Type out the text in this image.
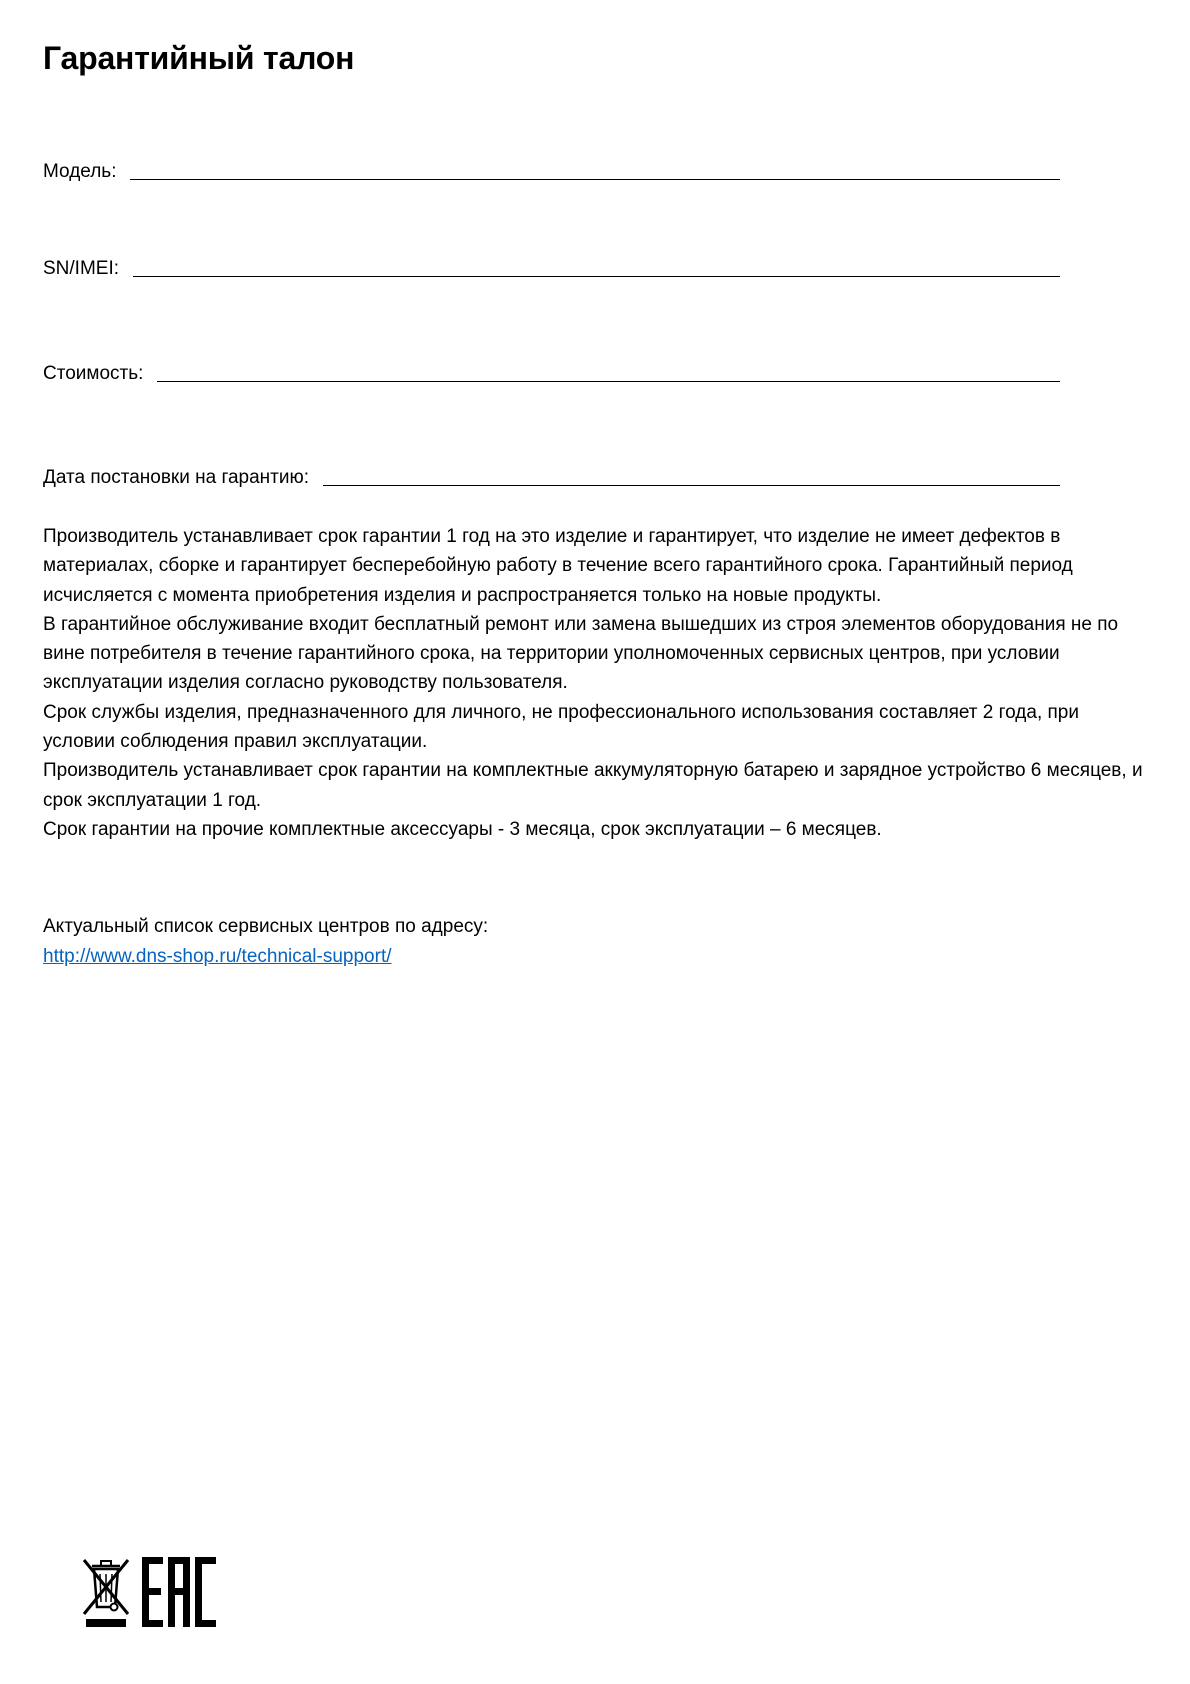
Гарантийный талон
Модель:
SN/IMEI:
Стоимость:
Дата постановки на гарантию:

Производитель устанавливает срок гарантии 1 год на это изделие и гарантирует, что изделие не имеет дефектов в материалах, сборке и гарантирует бесперебойную работу в течение всего гарантийного срока. Гарантийный период исчисляется с момента приобретения изделия и распространяется только на новые продукты.

В гарантийное обслуживание входит бесплатный ремонт или замена вышедших из строя элементов оборудования не по вине потребителя в течение гарантийного срока, на территории уполномоченных сервисных центров, при условии эксплуатации изделия согласно руководству пользователя.

Срок службы изделия, предназначенного для личного, не профессионального использования составляет 2 года, при условии соблюдения правил эксплуатации.

Производитель устанавливает срок гарантии на комплектные аккумуляторную батарею и зарядное устройство 6 месяцев, и срок эксплуатации 1 год.

Срок гарантии на прочие комплектные аксессуары - 3 месяца, срок эксплуатации – 6 месяцев.

Актуальный список сервисных центров по адресу:

http://www.dns-shop.ru/technical-support/
